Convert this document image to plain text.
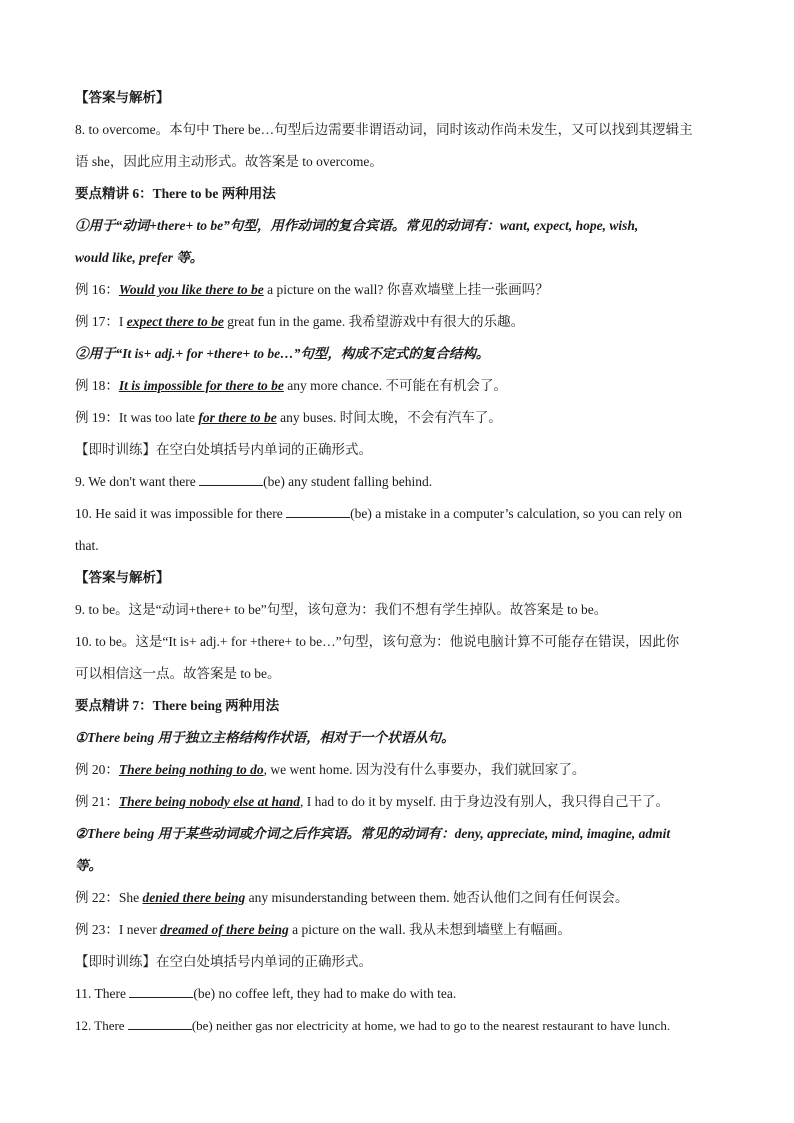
【答案与解析】
8. to overcome。本句中 There be…句型后边需要非谓语动词，同时该动作尚未发生，又可以找到其逻辑主
语 she，因此应用主动形式。故答案是 to overcome。
要点精讲 6：There to be 两种用法
①用于“动词+there+ to be”句型，用作动词的复合宾语。常见的动词有：want, expect, hope, wish,
would like, prefer 等。
例 16：Would you like there to be a picture on the wall? 你喜欢墙壁上挂一张画吗？
例 17：I expect there to be great fun in the game. 我希望游戏中有很大的乐趣。
②用于“It is+ adj.+ for +there+ to be…”句型，构成不定式的复合结构。
例 18：It is impossible for there to be any more chance. 不可能在有机会了。
例 19：It was too late for there to be any buses. 时间太晚，不会有汽车了。
【即时训练】在空白处填括号内单词的正确形式。
9. We don't want there	(be) any student falling behind.
10. He said it was impossible for there	(be) a mistake in a computer’s calculation, so you can rely on
that.
【答案与解析】
9. to be。这是“动词+there+ to be”句型，该句意为：我们不想有学生掉队。故答案是 to be。
10. to be。这是“It is+ adj.+ for +there+ to be…”句型，该句意为：他说电脑计算不可能存在错误，因此你
可以相信这一点。故答案是 to be。
要点精讲 7：There being 两种用法
①There being 用于独立主格结构作状语，相对于一个状语从句。
例 20：There being nothing to do, we went home. 因为没有什么事要办，我们就回家了。
例 21：There being nobody else at hand, I had to do it by myself. 由于身边没有别人，我只得自己干了。
②There being 用于某些动词或介词之后作宾语。常见的动词有：deny, appreciate, mind, imagine, admit
等。
例 22：She denied there being any misunderstanding between them. 她否认他们之间有任何误会。
例 23：I never dreamed of there being a picture on the wall. 我从未想到墙壁上有幅画。
【即时训练】在空白处填括号内单词的正确形式。
11. There	(be) no coffee left, they had to make do with tea.
12. There	(be) neither gas nor electricity at home, we had to go to the nearest restaurant to have lunch.
